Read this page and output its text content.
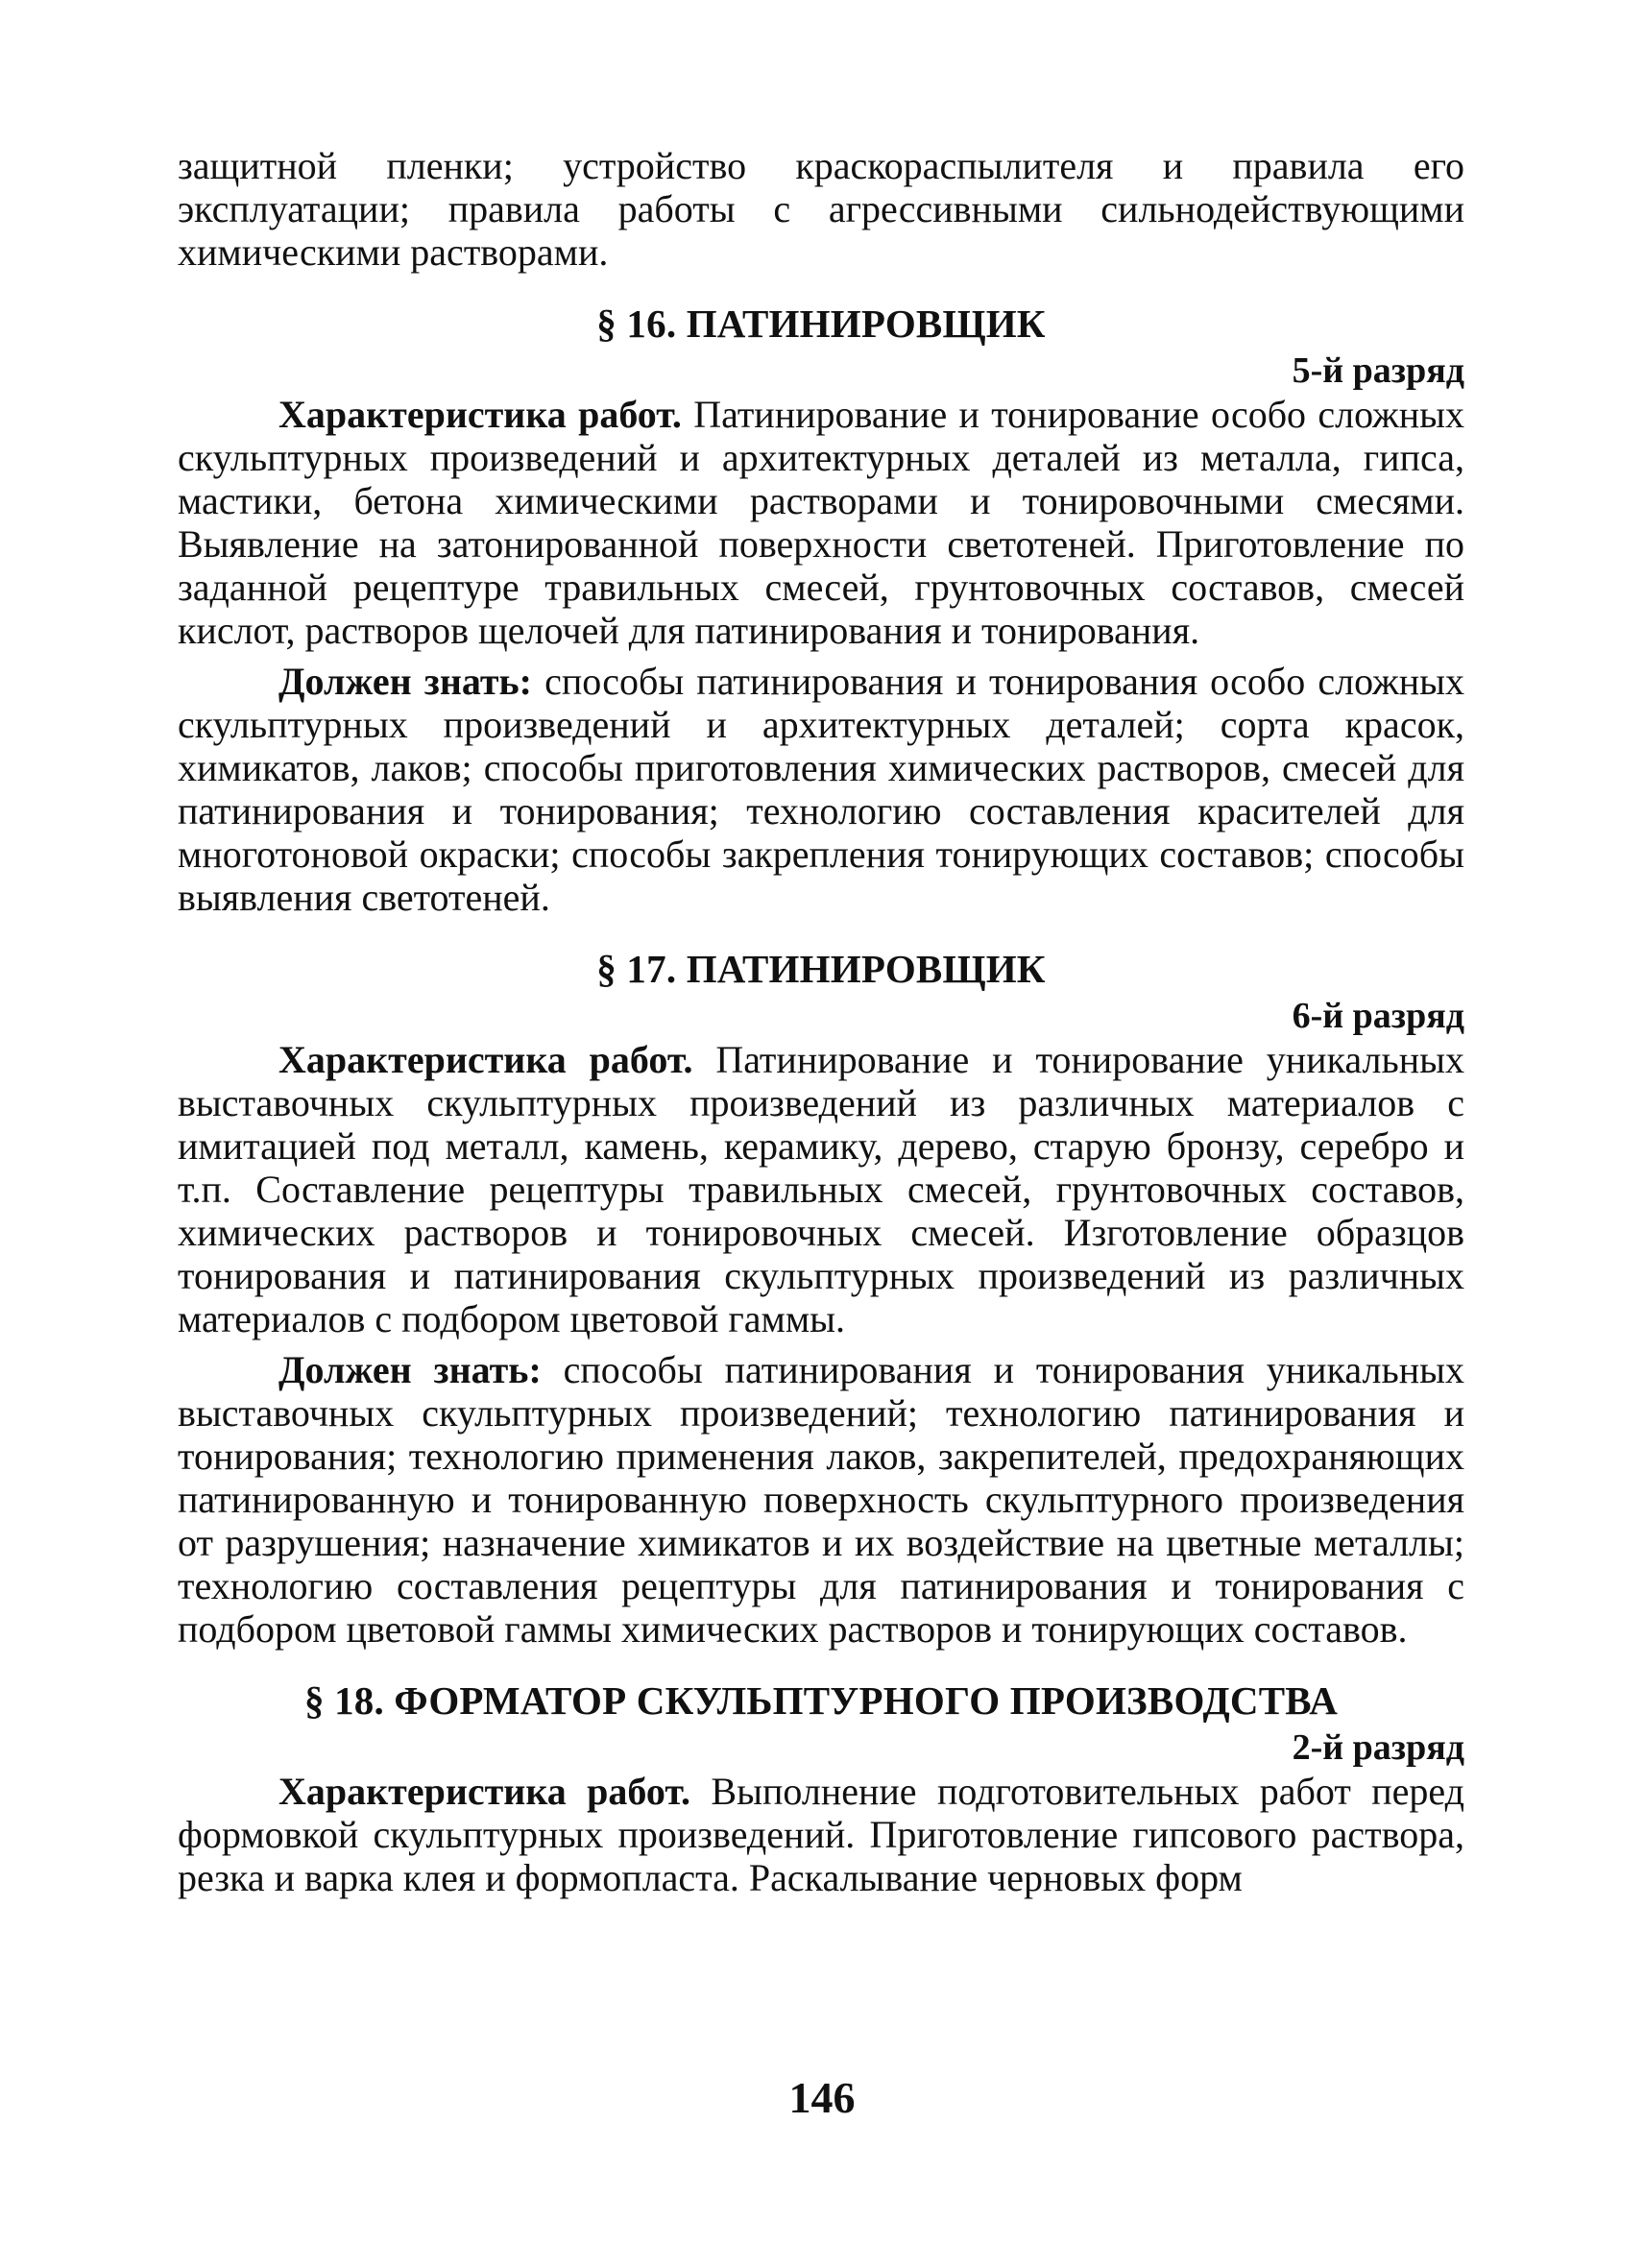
защитной пленки; устройство краскораспылителя и правила его эксплуатации; правила работы с агрессивными сильнодействующими химическими растворами.

§ 16. ПАТИНИРОВЩИК

5-й разряд

Характеристика работ. Патинирование и тонирование особо сложных скульптурных произведений и архитектурных деталей из металла, гипса, мастики, бетона химическими растворами и тонировочными смесями. Выявление на затонированной поверхности светотеней. Приготовление по заданной рецептуре травильных смесей, грунтовочных составов, смесей кислот, растворов щелочей для патинирования и тонирования.

Должен знать: способы патинирования и тонирования особо сложных скульптурных произведений и архитектурных деталей; сорта красок, химикатов, лаков; способы приготовления химических растворов, смесей для патинирования и тонирования; технологию составления красителей для многотоновой окраски; способы закрепления тонирующих составов; способы выявления светотеней.

§ 17. ПАТИНИРОВЩИК

6-й разряд

Характеристика работ. Патинирование и тонирование уникальных выставочных скульптурных произведений из различных материалов с имитацией под металл, камень, керамику, дерево, старую бронзу, серебро и т.п. Составление рецептуры травильных смесей, грунтовочных составов, химических растворов и тонировочных смесей. Изготовление образцов тонирования и патинирования скульптурных произведений из различных материалов с подбором цветовой гаммы.

Должен знать: способы патинирования и тонирования уникальных выставочных скульптурных произведений; технологию патинирования и тонирования; технологию применения лаков, закрепителей, предохраняющих патинированную и тонированную поверхность скульптурного произведения от разрушения; назначение химикатов и их воздействие на цветные металлы; технологию составления рецептуры для патинирования и тонирования с подбором цветовой гаммы химических растворов и тонирующих составов.

§ 18. ФОРМАТОР СКУЛЬПТУРНОГО ПРОИЗВОДСТВА

2-й разряд

Характеристика работ. Выполнение подготовительных работ перед формовкой скульптурных произведений. Приготовление гипсового раствора, резка и варка клея и формопласта. Раскалывание черновых форм

146
